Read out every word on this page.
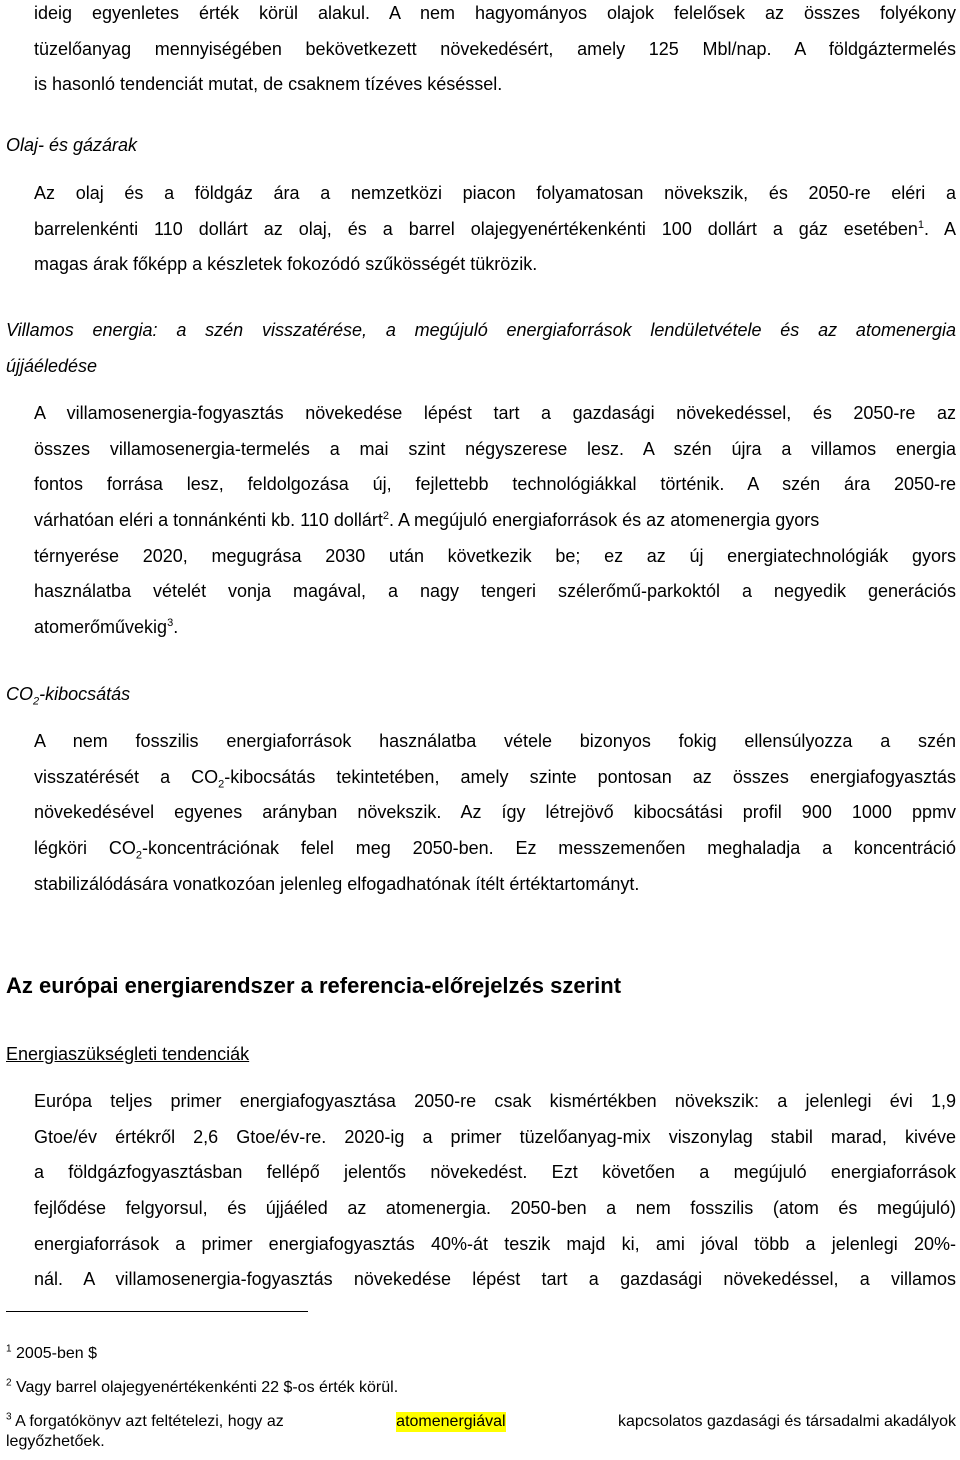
ideig egyenletes érték körül alakul. A nem hagyományos olajok felelősek az összes folyékony
tüzelőanyag mennyiségében bekövetkezett növekedésért, amely 125 Mbl/nap. A földgáztermelés
is hasonló tendenciát mutat, de csaknem tízéves késéssel.
Olaj- és gázárak
Az olaj és a földgáz ára a nemzetközi piacon folyamatosan növekszik, és 2050-re eléri a
barrelenkénti 110 dollárt az olaj, és a barrel olajegyenértékenkénti 100 dollárt a gáz esetében$^1$. A
magas árak főképp a készletek fokozódó szűkösségét tükrözik.
Villamos energia: a szén visszatérése, a megújuló energiaforrások lendületvétele és az atomenergia
újjáéledése
A villamosenergia-fogyasztás növekedése lépést tart a gazdasági növekedéssel, és 2050-re az
összes villamosenergia-termelés a mai szint négyszerese lesz. A szén újra a villamos energia
fontos forrása lesz, feldolgozása új, fejlettebb technológiákkal történik. A szén ára 2050-re
várhatóan eléri a tonnánkénti kb. 110 dollárt$^2$. A megújuló energiaforrások és az atomenergia gyors
térnyerése 2020, megugrása 2030 után következik be; ez az új energiatechnológiák gyors
használatba vételét vonja magával, a nagy tengeri szélerőmű-parkoktól a negyedik generációs
atomerőművekig$^3$.
$CO_2$-kibocsátás
A nem fosszilis energiaforrások használatba vétele bizonyos fokig ellensúlyozza a szén
visszatérését a $CO_2$-kibocsátás tekintetében, amely szinte pontosan az összes energiafogyasztás
növekedésével egyenes arányban növekszik. Az így létrejövő kibocsátási profil 900 1000 ppmv
légköri $CO_2$-koncentrációnak felel meg 2050-ben. Ez messzemenően meghaladja a koncentráció
stabilizálódására vonatkozóan jelenleg elfogadhatónak ítélt értéktartományt.
Az európai energiarendszer a referencia-előrejelzés szerint
Energiaszükségleti tendenciák
Európa teljes primer energiafogyasztása 2050-re csak kismértékben növekszik: a jelenlegi évi 1,9
Gtoe/év értékről 2,6 Gtoe/év-re. 2020-ig a primer tüzelőanyag-mix viszonylag stabil marad, kivéve
a földgázfogyasztásban fellépő jelentős növekedést. Ezt követően a megújuló energiaforrások
fejlődése felgyorsul, és újjáéled az atomenergia. 2050-ben a nem fosszilis (atom és megújuló)
energiaforrások a primer energiafogyasztás 40%-át teszik majd ki, ami jóval több a jelenlegi 20%-
nál. A villamosenergia-fogyasztás növekedése lépést tart a gazdasági növekedéssel, a villamos
$^1$ 2005-ben $
$^2$ Vagy barrel olajegyenértékenkénti 22 $-os érték körül.
$^3$ A forgatókönyv azt feltételezi, hogy az	atomenergiával	kapcsolatos gazdasági és társadalmi akadályok
legyőzhetőek.
